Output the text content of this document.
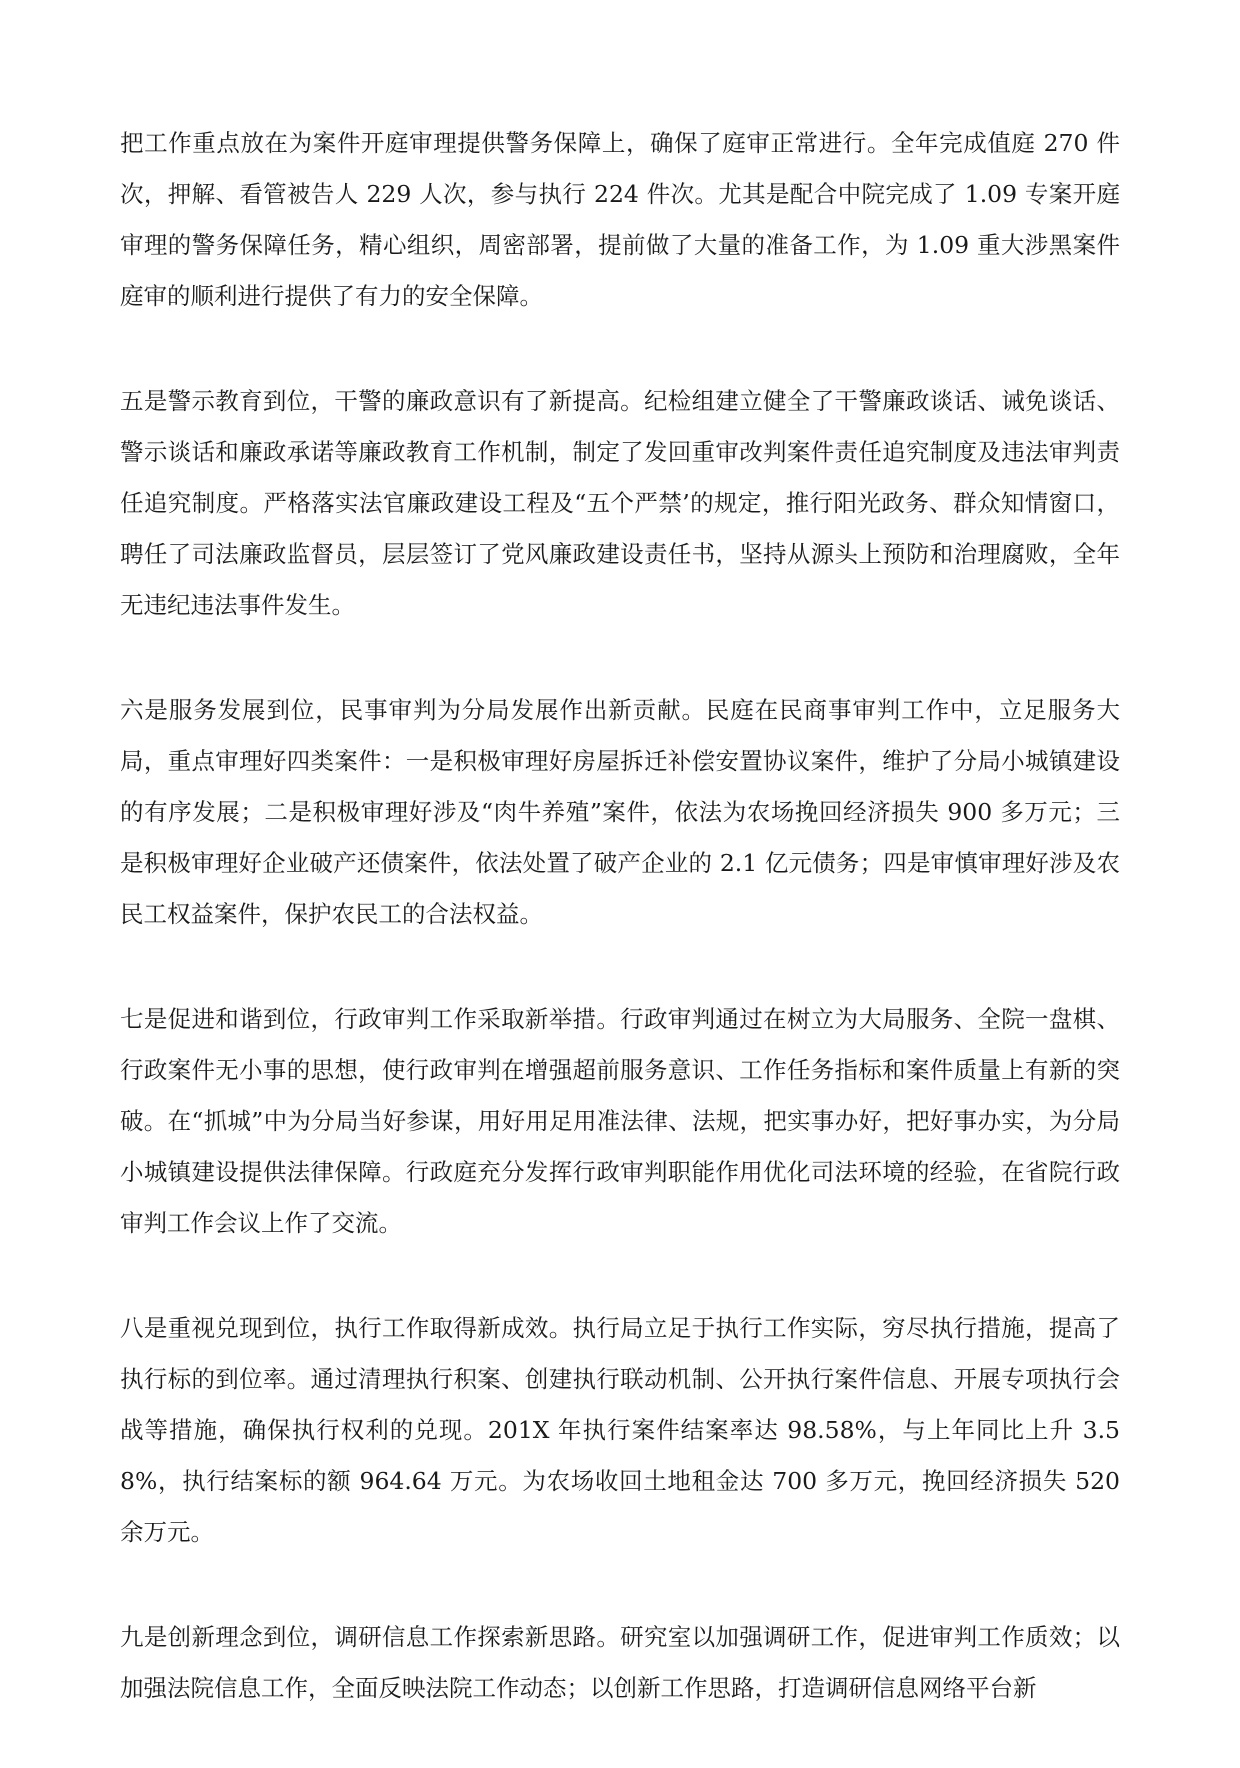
把工作重点放在为案件开庭审理提供警务保障上，确保了庭审正常进行。全年完成值庭 270 件次，押解、看管被告人 229 人次，参与执行 224 件次。尤其是配合中院完成了 1.09 专案开庭审理的警务保障任务，精心组织，周密部署，提前做了大量的准备工作，为 1.09 重大涉黑案件庭审的顺利进行提供了有力的安全保障。

五是警示教育到位，干警的廉政意识有了新提高。纪检组建立健全了干警廉政谈话、诫免谈话、警示谈话和廉政承诺等廉政教育工作机制，制定了发回重审改判案件责任追究制度及违法审判责任追究制度。严格落实法官廉政建设工程及“五个严禁’的规定，推行阳光政务、群众知情窗口，聘任了司法廉政监督员，层层签订了党风廉政建设责任书，坚持从源头上预防和治理腐败，全年无违纪违法事件发生。

六是服务发展到位，民事审判为分局发展作出新贡献。民庭在民商事审判工作中，立足服务大局，重点审理好四类案件：一是积极审理好房屋拆迁补偿安置协议案件，维护了分局小城镇建设的有序发展；二是积极审理好涉及“肉牛养殖”案件，依法为农场挽回经济损失 900 多万元；三是积极审理好企业破产还债案件，依法处置了破产企业的 2.1 亿元债务；四是审慎审理好涉及农民工权益案件，保护农民工的合法权益。

七是促进和谐到位，行政审判工作采取新举措。行政审判通过在树立为大局服务、全院一盘棋、行政案件无小事的思想，使行政审判在增强超前服务意识、工作任务指标和案件质量上有新的突破。在“抓城”中为分局当好参谋，用好用足用准法律、法规，把实事办好，把好事办实，为分局小城镇建设提供法律保障。行政庭充分发挥行政审判职能作用优化司法环境的经验，在省院行政审判工作会议上作了交流。

八是重视兑现到位，执行工作取得新成效。执行局立足于执行工作实际，穷尽执行措施，提高了执行标的到位率。通过清理执行积案、创建执行联动机制、公开执行案件信息、开展专项执行会战等措施，确保执行权利的兑现。201X 年执行案件结案率达 98.58%，与上年同比上升 3.58%，执行结案标的额 964.64 万元。为农场收回土地租金达 700 多万元，挽回经济损失 520 余万元。

九是创新理念到位，调研信息工作探索新思路。研究室以加强调研工作，促进审判工作质效；以加强法院信息工作，全面反映法院工作动态；以创新工作思路，打造调研信息网络平台新
